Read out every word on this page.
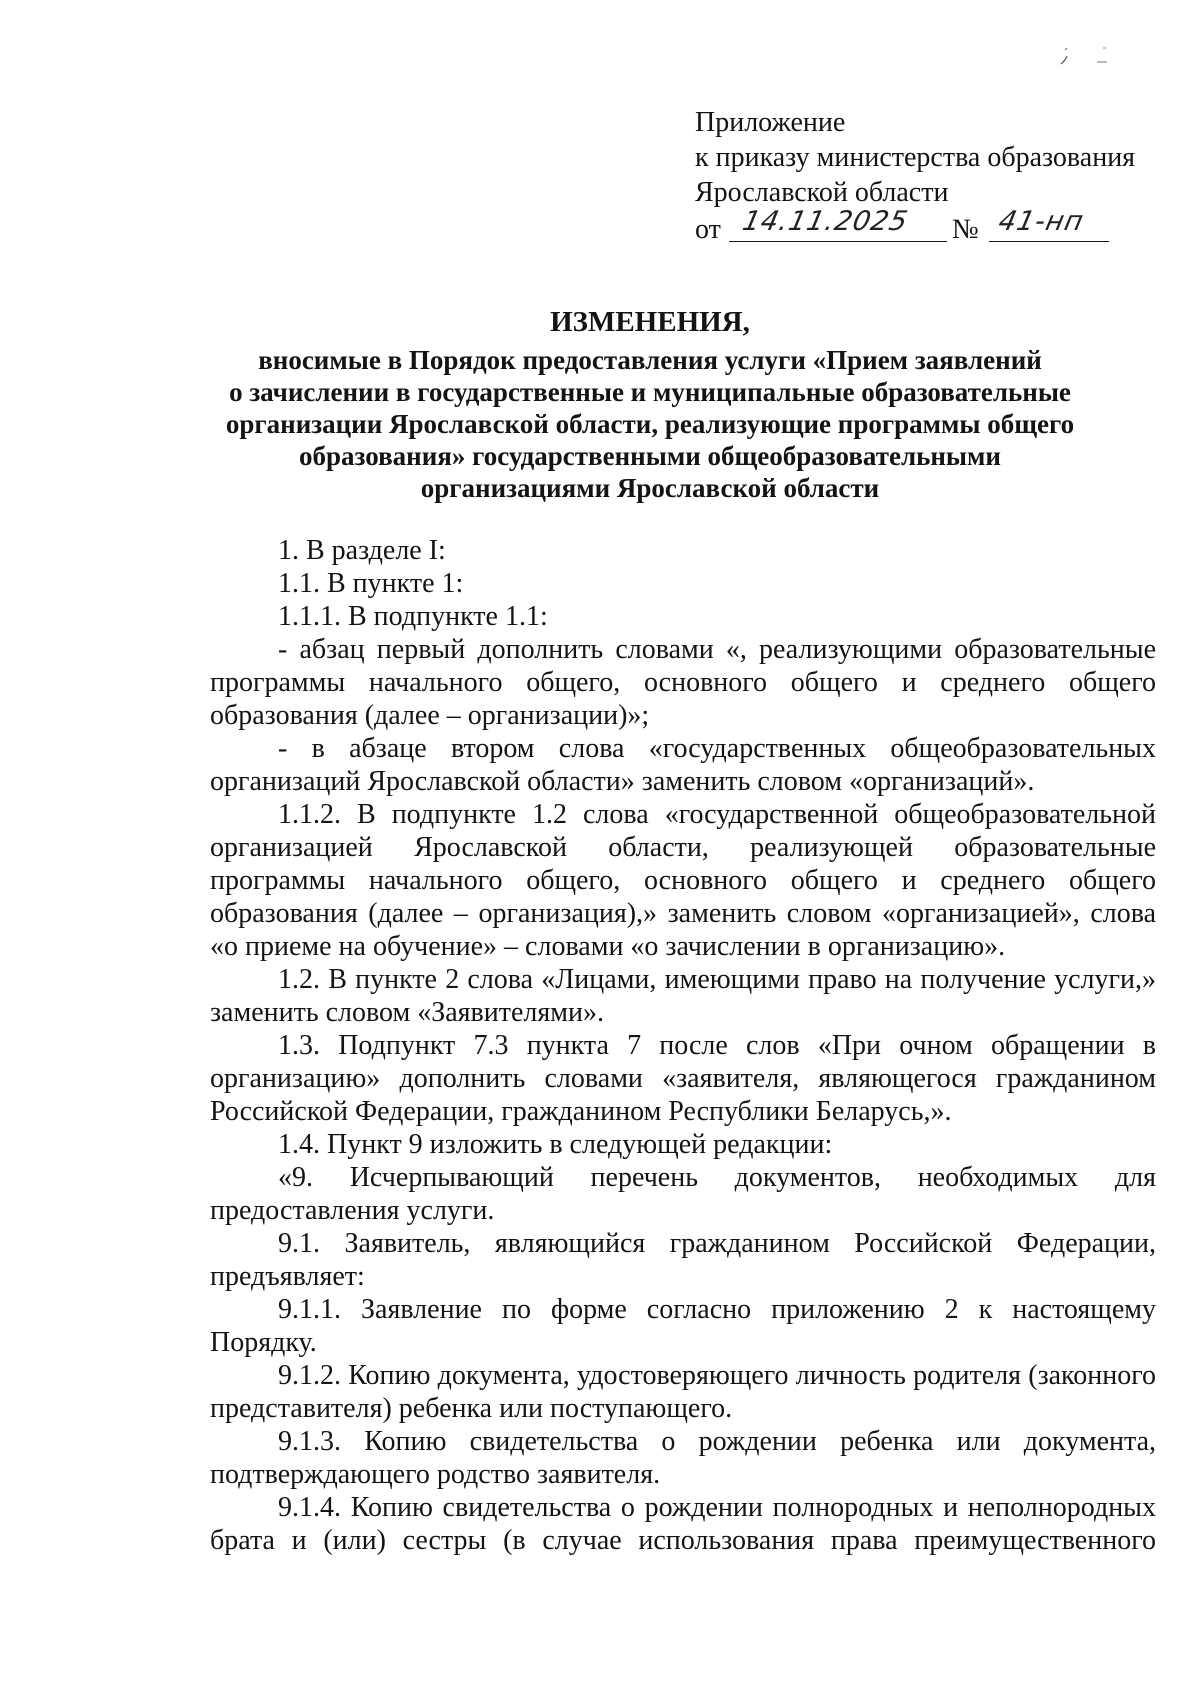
Приложение
к приказу министерства образования
Ярославской области
от 14.11.2025 № 41-нп
ИЗМЕНЕНИЯ,
вносимые в Порядок предоставления услуги «Прием заявлений
о зачислении в государственные и муниципальные образовательные
организации Ярославской области, реализующие программы общего
образования» государственными общеобразовательными
организациями Ярославской области

1. В разделе I:

1.1. В пункте 1:

1.1.1. В подпункте 1.1:

- абзац первый дополнить словами «, реализующими образовательные программы начального общего, основного общего и среднего общего образования (далее – организации)»;

- в абзаце втором слова «государственных общеобразовательных организаций Ярославской области» заменить словом «организаций».

1.1.2. В подпункте 1.2 слова «государственной общеобразовательной организацией Ярославской области, реализующей образовательные программы начального общего, основного общего и среднего общего образования (далее – организация),» заменить словом «организацией», слова «о приеме на обучение» – словами «о зачислении в организацию».

1.2. В пункте 2 слова «Лицами, имеющими право на получение услуги,» заменить словом «Заявителями».

1.3. Подпункт 7.3 пункта 7 после слов «При очном обращении в организацию» дополнить словами «заявителя, являющегося гражданином Российской Федерации, гражданином Республики Беларусь,».

1.4. Пункт 9 изложить в следующей редакции:

«9. Исчерпывающий перечень документов, необходимых для предоставления услуги.

9.1. Заявитель, являющийся гражданином Российской Федерации, предъявляет:

9.1.1. Заявление по форме согласно приложению 2 к настоящему Порядку.

9.1.2. Копию документа, удостоверяющего личность родителя (законного представителя) ребенка или поступающего.

9.1.3. Копию свидетельства о рождении ребенка или документа, подтверждающего родство заявителя.

9.1.4. Копию свидетельства о рождении полнородных и неполнородных брата и (или) сестры (в случае использования права преимущественного
